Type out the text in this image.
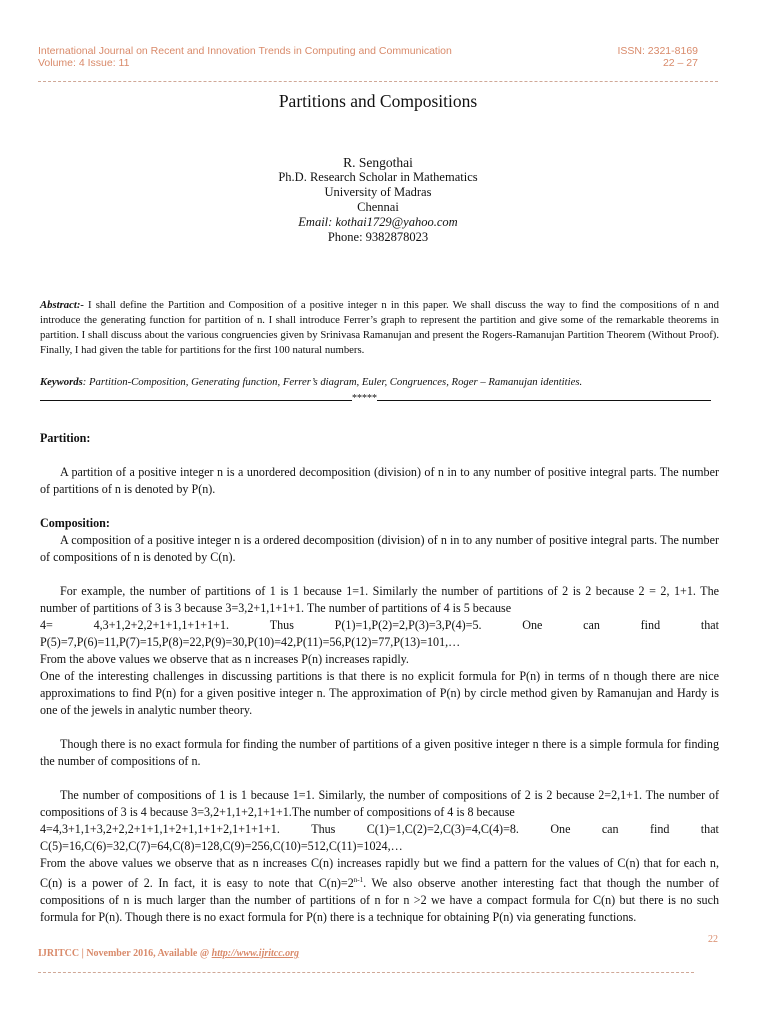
International Journal on Recent and Innovation Trends in Computing and Communication
Volume: 4 Issue: 11
ISSN: 2321-8169
22 – 27
Partitions and Compositions
R. Sengothai
Ph.D. Research Scholar in Mathematics
University of Madras
Chennai
Email: kothai1729@yahoo.com
Phone: 9382878023
Abstract:- I shall define the Partition and Composition of a positive integer n in this paper. We shall discuss the way to find the compositions of n and introduce the generating function for partition of n. I shall introduce Ferrer’s graph to represent the partition and give some of the remarkable theorems in partition. I shall discuss about the various congruencies given by Srinivasa Ramanujan and present the Rogers-Ramanujan Partition Theorem (Without Proof). Finally, I had given the table for partitions for the first 100 natural numbers.
Keywords: Partition-Composition, Generating function, Ferrer’s diagram, Euler, Congruences, Roger – Ramanujan identities.
*****
Partition:

A partition of a positive integer n is a unordered decomposition (division) of n in to any number of positive integral parts. The number of partitions of n is denoted by P(n).

Composition:

A composition of a positive integer n is a ordered decomposition (division) of n in to any number of positive integral parts. The number of compositions of n is denoted by C(n).

For example, the number of partitions of 1 is 1 because 1=1. Similarly the number of partitions of 2 is 2 because 2 = 2, 1+1. The number of partitions of 3 is 3 because 3=3,2+1,1+1+1. The number of partitions of 4 is 5 because

4=	4,3+1,2+2,2+1+1,1+1+1+1.	Thus	P(1)=1,P(2)=2,P(3)=3,P(4)=5.	One	can	find	that

P(5)=7,P(6)=11,P(7)=15,P(8)=22,P(9)=30,P(10)=42,P(11)=56,P(12)=77,P(13)=101,…

From the above values we observe that as n increases P(n) increases rapidly.

One of the interesting challenges in discussing partitions is that there is no explicit formula for P(n) in terms of n though there are nice approximations to find P(n) for a given positive integer n. The approximation of P(n) by circle method given by Ramanujan and Hardy is one of the jewels in analytic number theory.

Though there is no exact formula for finding the number of partitions of a given positive integer n there is a simple formula for finding the number of compositions of n.

The number of compositions of 1 is 1 because 1=1. Similarly, the number of compositions of 2 is 2 because 2=2,1+1. The number of compositions of 3 is 4 because 3=3,2+1,1+2,1+1+1.The number of compositions of 4 is 8 because

4=4,3+1,1+3,2+2,2+1+1,1+2+1,1+1+2,1+1+1+1.	Thus	C(1)=1,C(2)=2,C(3)=4,C(4)=8.	One	can	find	that

C(5)=16,C(6)=32,C(7)=64,C(8)=128,C(9)=256,C(10)=512,C(11)=1024,…

From the above values we observe that as n increases C(n) increases rapidly but we find a pattern for the values of C(n) that for each n, C(n) is a power of 2. In fact, it is easy to note that $C(n)=2^{n-1}$. We also observe another interesting fact that though the number of compositions of n is much larger than the number of partitions of n for n >2 we have a compact formula for C(n) but there is no such formula for P(n). Though there is no exact formula for P(n) there is a technique for obtaining P(n) via generating functions.

22
IJRITCC | November 2016, Available @ http://www.ijritcc.org
